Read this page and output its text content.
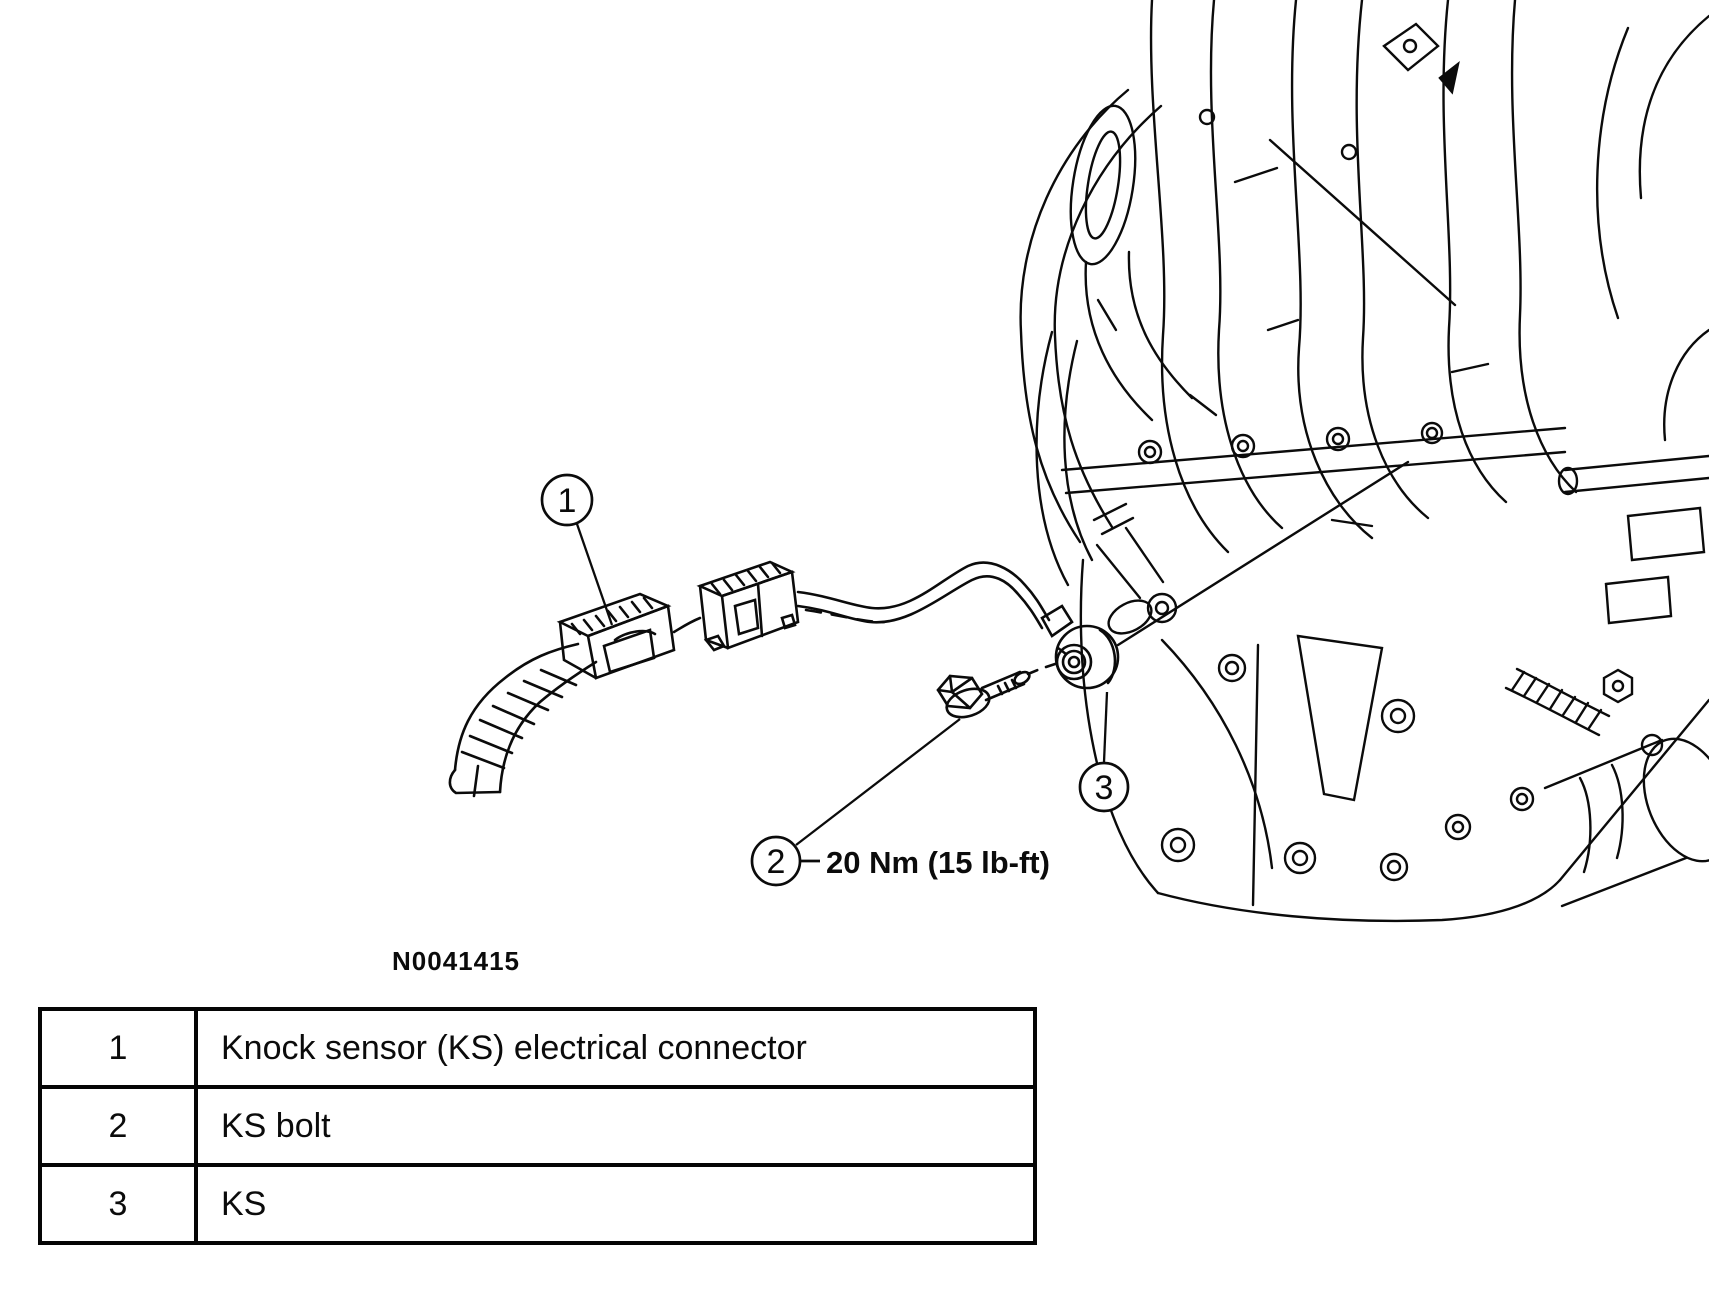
1
2 20 Nm (15 lb-ft)
3
N0041415
1	Knock sensor (KS) electrical connector
2	KS bolt
3	KS
